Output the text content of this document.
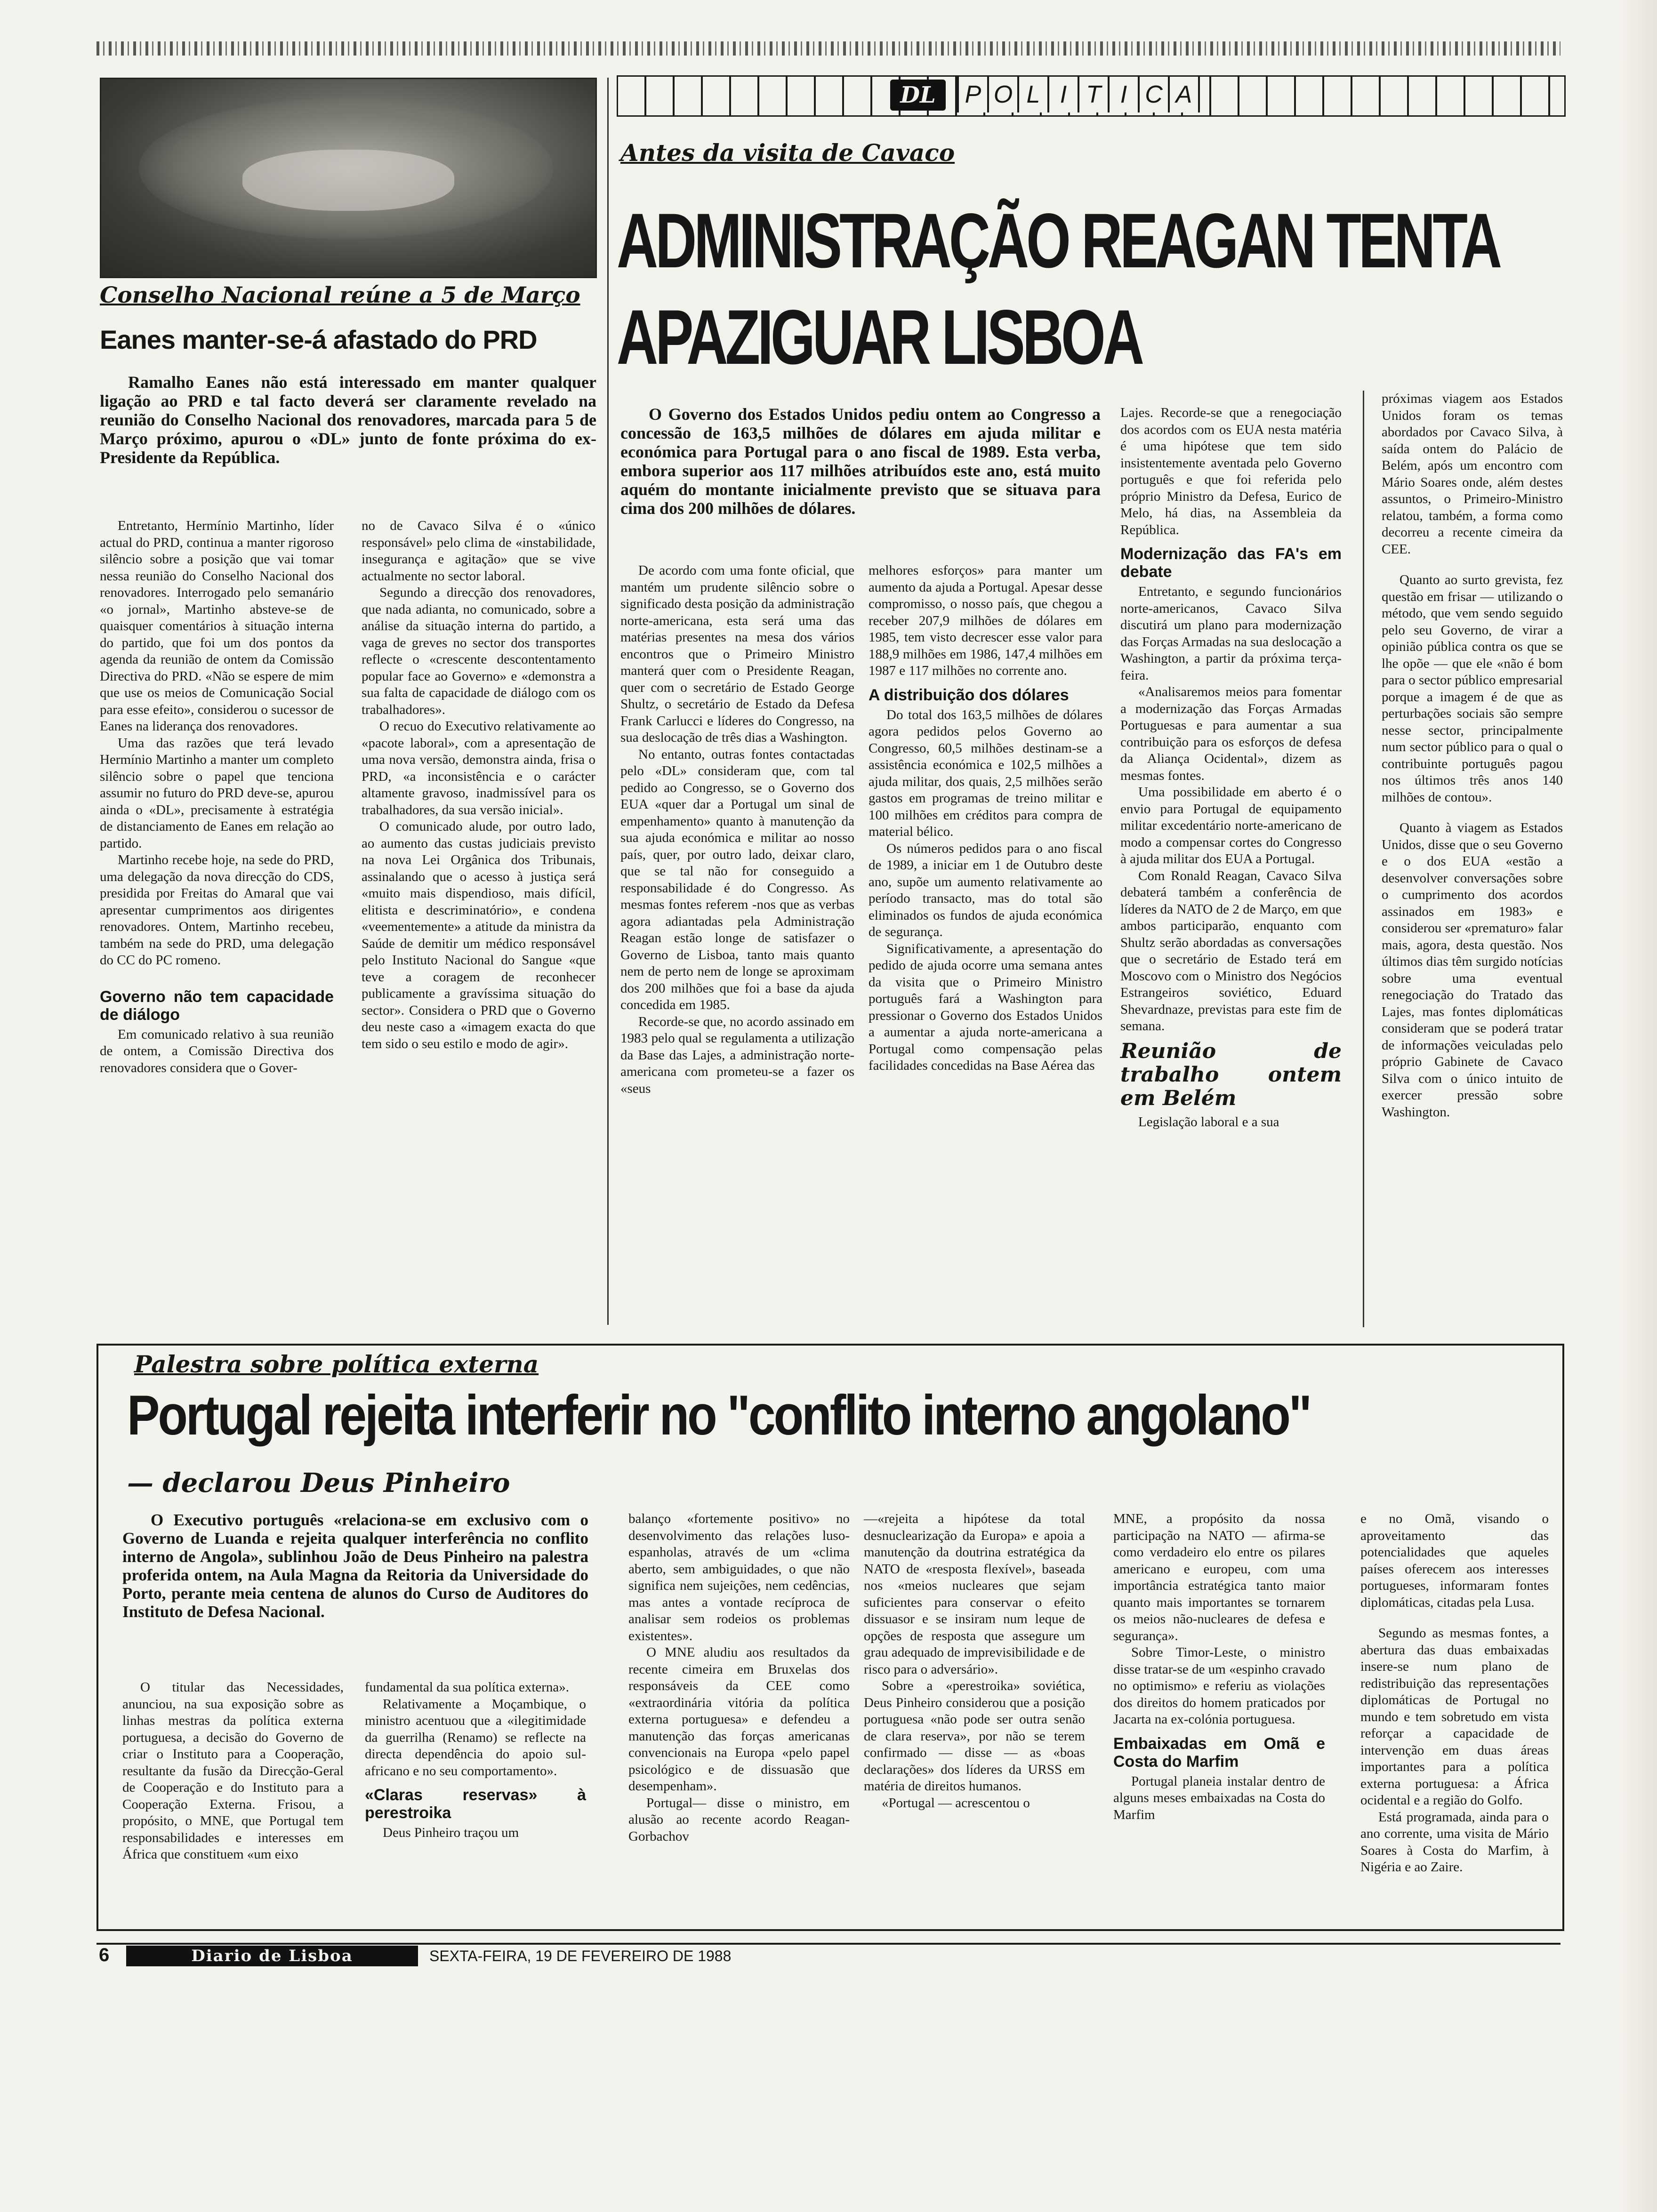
Conselho Nacional reúne a 5 de Março
Eanes manter-se-á afastado do PRD
Ramalho Eanes não está interessado em manter qualquer ligação ao PRD e tal facto deverá ser claramente revelado na reunião do Conselho Nacional dos renovadores, marcada para 5 de Março próximo, apurou o «DL» junto de fonte próxima do ex-Presidente da República.

Entretanto, Hermínio Martinho, líder actual do PRD, continua a manter rigoroso silêncio sobre a posição que vai tomar nessa reunião do Conselho Nacional dos renovadores. Interrogado pelo semanário «o jornal», Martinho absteve-se de quaisquer comentários à situação interna do partido, que foi um dos pontos da agenda da reunião de ontem da Comissão Directiva do PRD. «Não se espere de mim que use os meios de Comunicação Social para esse efeito», considerou o sucessor de Eanes na liderança dos renovadores.

Uma das razões que terá levado Hermínio Martinho a manter um completo silêncio sobre o papel que tenciona assumir no futuro do PRD deve-se, apurou ainda o «DL», precisamente à estratégia de distanciamento de Eanes em relação ao partido.

Martinho recebe hoje, na sede do PRD, uma delegação da nova direcção do CDS, presidida por Freitas do Amaral que vai apresentar cumprimentos aos dirigentes renovadores. Ontem, Martinho recebeu, também na sede do PRD, uma delegação do CC do PC romeno.

Governo não tem capacidade de diálogo

Em comunicado relativo à sua reunião de ontem, a Comissão Directiva dos renovadores considera que o Gover-

no de Cavaco Silva é o «único responsável» pelo clima de «instabilidade, insegurança e agitação» que se vive actualmente no sector laboral.

Segundo a direcção dos renovadores, que nada adianta, no comunicado, sobre a análise da situação interna do partido, a vaga de greves no sector dos transportes reflecte o «crescente descontentamento popular face ao Governo» e «demonstra a sua falta de capacidade de diálogo com os trabalhadores».

O recuo do Executivo relativamente ao «pacote laboral», com a apresentação de uma nova versão, demonstra ainda, frisa o PRD, «a inconsistência e o carácter altamente gravoso, inadmissível para os trabalhadores, da sua versão inicial».

O comunicado alude, por outro lado, ao aumento das custas judiciais previsto na nova Lei Orgânica dos Tribunais, assinalando que o acesso à justiça será «muito mais dispendioso, mais difícil, elitista e descriminatório», e condena «veementemente» a atitude da ministra da Saúde de demitir um médico responsável pelo Instituto Nacional do Sangue «que teve a coragem de reconhecer publicamente a gravíssima situação do sector». Considera o PRD que o Governo deu neste caso a «imagem exacta do que tem sido o seu estilo e modo de agir».

DL	P O L I T I C A
Antes da visita de Cavaco
ADMINISTRAÇÃO REAGAN TENTA
APAZIGUAR LISBOA
O Governo dos Estados Unidos pediu ontem ao Congresso a concessão de 163,5 milhões de dólares em ajuda militar e económica para Portugal para o ano fiscal de 1989. Esta verba, embora superior aos 117 milhões atribuídos este ano, está muito aquém do montante inicialmente previsto que se situava para cima dos 200 milhões de dólares.

De acordo com uma fonte oficial, que mantém um prudente silêncio sobre o significado desta posição da administração norte-americana, esta será uma das matérias presentes na mesa dos vários encontros que o Primeiro Ministro manterá quer com o Presidente Reagan, quer com o secretário de Estado George Shultz, o secretário de Estado da Defesa Frank Carlucci e líderes do Congresso, na sua deslocação de três dias a Washington.

No entanto, outras fontes contactadas pelo «DL» consideram que, com tal pedido ao Congresso, se o Governo dos EUA «quer dar a Portugal um sinal de empenhamento» quanto à manutenção da sua ajuda económica e militar ao nosso país, quer, por outro lado, deixar claro, que se tal não for conseguido a responsabilidade é do Congresso. As mesmas fontes referem -nos que as verbas agora adiantadas pela Administração Reagan estão longe de satisfazer o Governo de Lisboa, tanto mais quanto nem de perto nem de longe se aproximam dos 200 milhões que foi a base da ajuda concedida em 1985.

Recorde-se que, no acordo assinado em 1983 pelo qual se regulamenta a utilização da Base das Lajes, a administração norte-americana com prometeu-se a fazer os «seus

melhores esforços» para manter um aumento da ajuda a Portugal. Apesar desse compromisso, o nosso país, que chegou a receber 207,9 milhões de dólares em 1985, tem visto decrescer esse valor para 188,9 milhões em 1986, 147,4 milhões em 1987 e 117 milhões no corrente ano.

A distribuição dos dólares

Do total dos 163,5 milhões de dólares agora pedidos pelos Governo ao Congresso, 60,5 milhões destinam-se a assistência económica e 102,5 milhões a ajuda militar, dos quais, 2,5 milhões serão gastos em programas de treino militar e 100 milhões em créditos para compra de material bélico.

Os números pedidos para o ano fiscal de 1989, a iniciar em 1 de Outubro deste ano, supõe um aumento relativamente ao período transacto, mas do total são eliminados os fundos de ajuda económica de segurança.

Significativamente, a apresentação do pedido de ajuda ocorre uma semana antes da visita que o Primeiro Ministro português fará a Washington para pressionar o Governo dos Estados Unidos a aumentar a ajuda norte-americana a Portugal como compensação pelas facilidades concedidas na Base Aérea das

Lajes. Recorde-se que a renegociação dos acordos com os EUA nesta matéria é uma hipótese que tem sido insistentemente aventada pelo Governo português e que foi referida pelo próprio Ministro da Defesa, Eurico de Melo, há dias, na Assembleia da República.

Modernização das FA's em debate

Entretanto, e segundo funcionários norte-americanos, Cavaco Silva discutirá um plano para modernização das Forças Armadas na sua deslocação a Washington, a partir da próxima terça-feira.

«Analisaremos meios para fomentar a modernização das Forças Armadas Portuguesas e para aumentar a sua contribuição para os esforços de defesa da Aliança Ocidental», dizem as mesmas fontes.

Uma possibilidade em aberto é o envio para Portugal de equipamento militar excedentário norte-americano de modo a compensar cortes do Congresso à ajuda militar dos EUA a Portugal.

Com Ronald Reagan, Cavaco Silva debaterá também a conferência de líderes da NATO de 2 de Março, em que ambos participarão, enquanto com Shultz serão abordadas as conversações que o secretário de Estado terá em Moscovo com o Ministro dos Negócios Estrangeiros soviético, Eduard Shevardnaze, previstas para este fim de semana.

Reunião de trabalho ontem em Belém

Legislação laboral e a sua

próximas viagem aos Estados Unidos foram os temas abordados por Cavaco Silva, à saída ontem do Palácio de Belém, após um encontro com Mário Soares onde, além destes assuntos, o Primeiro-Ministro relatou, também, a forma como decorreu a recente cimeira da CEE.

Quanto ao surto grevista, fez questão em frisar — utilizando o método, que vem sendo seguido pelo seu Governo, de virar a opinião pública contra os que se lhe opõe — que ele «não é bom para o sector público empresarial porque a imagem é de que as perturbações sociais são sempre nesse sector, principalmente num sector público para o qual o contribuinte português pagou nos últimos três anos 140 milhões de contou».

Quanto à viagem as Estados Unidos, disse que o seu Governo e o dos EUA «estão a desenvolver conversações sobre o cumprimento dos acordos assinados em 1983» e considerou ser «prematuro» falar mais, agora, desta questão. Nos últimos dias têm surgido notícias sobre uma eventual renegociação do Tratado das Lajes, mas fontes diplomáticas consideram que se poderá tratar de informações veiculadas pelo próprio Gabinete de Cavaco Silva com o único intuito de exercer pressão sobre Washington.

Palestra sobre política externa
Portugal rejeita interferir no "conflito interno angolano"
— declarou Deus Pinheiro
O Executivo português «relaciona-se em exclusivo com o Governo de Luanda e rejeita qualquer interferência no conflito interno de Angola», sublinhou João de Deus Pinheiro na palestra proferida ontem, na Aula Magna da Reitoria da Universidade do Porto, perante meia centena de alunos do Curso de Auditores do Instituto de Defesa Nacional.

O titular das Necessidades, anunciou, na sua exposição sobre as linhas mestras da política externa portuguesa, a decisão do Governo de criar o Instituto para a Cooperação, resultante da fusão da Direcção-Geral de Cooperação e do Instituto para a Cooperação Externa. Frisou, a propósito, o MNE, que Portugal tem responsabilidades e interesses em África que constituem «um eixo

fundamental da sua política externa».

Relativamente a Moçambique, o ministro acentuou que a «ilegitimidade da guerrilha (Renamo) se reflecte na directa dependência do apoio sul-africano e no seu comportamento».

«Claras reservas» à perestroika

Deus Pinheiro traçou um

balanço «fortemente positivo» no desenvolvimento das relações luso-espanholas, através de um «clima aberto, sem ambiguidades, o que não significa nem sujeições, nem cedências, mas antes a vontade recíproca de analisar sem rodeios os problemas existentes».

O MNE aludiu aos resultados da recente cimeira em Bruxelas dos responsáveis da CEE como «extraordinária vitória da política externa portuguesa» e defendeu a manutenção das forças americanas convencionais na Europa «pelo papel psicológico e de dissuasão que desempenham».

Portugal— disse o ministro, em alusão ao recente acordo Reagan-Gorbachov

—«rejeita a hipótese da total desnuclearização da Europa» e apoia a manutenção da doutrina estratégica da NATO de «resposta flexível», baseada nos «meios nucleares que sejam suficientes para conservar o efeito dissuasor e se insiram num leque de opções de resposta que assegure um grau adequado de imprevisibilidade e de risco para o adversário».

Sobre a «perestroika» soviética, Deus Pinheiro considerou que a posição portuguesa «não pode ser outra senão de clara reserva», por não se terem confirmado — disse — as «boas declarações» dos líderes da URSS em matéria de direitos humanos.

«Portugal — acrescentou o

MNE, a propósito da nossa participação na NATO — afirma-se como verdadeiro elo entre os pilares americano e europeu, com uma importância estratégica tanto maior quanto mais importantes se tornarem os meios não-nucleares de defesa e segurança».

Sobre Timor-Leste, o ministro disse tratar-se de um «espinho cravado no optimismo» e referiu as violações dos direitos do homem praticados por Jacarta na ex-colónia portuguesa.

Embaixadas em Omã e Costa do Marfim

Portugal planeia instalar dentro de alguns meses embaixadas na Costa do Marfim

e no Omã, visando o aproveitamento das potencialidades que aqueles países oferecem aos interesses portugueses, informaram fontes diplomáticas, citadas pela Lusa.

Segundo as mesmas fontes, a abertura das duas embaixadas insere-se num plano de redistribuição das representações diplomáticas de Portugal no mundo e tem sobretudo em vista reforçar a capacidade de intervenção em duas áreas importantes para a política externa portuguesa: a África ocidental e a região do Golfo.

Está programada, ainda para o ano corrente, uma visita de Mário Soares à Costa do Marfim, à Nigéria e ao Zaire.

6	Diario de Lisboa	SEXTA-FEIRA, 19 DE FEVEREIRO DE 1988
